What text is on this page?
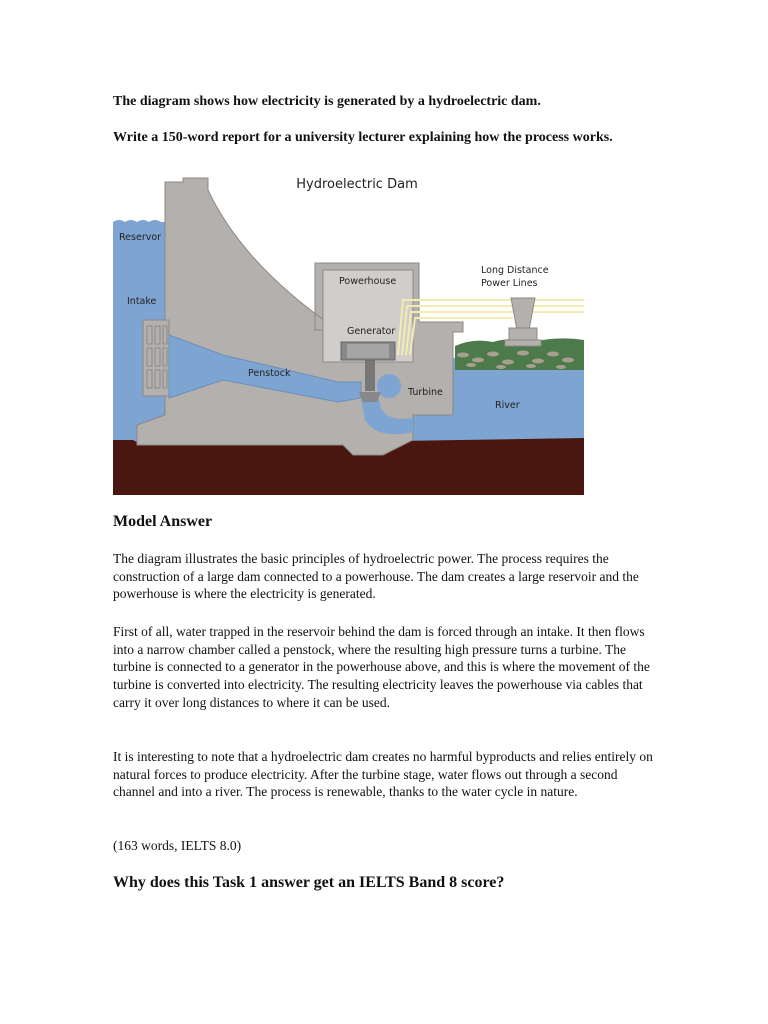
The diagram shows how electricity is generated by a hydroelectric dam.
Write a 150-word report for a university lecturer explaining how the process works.
Hydroelectric Dam
Reservor
Intake
Powerhouse
Generator
Penstock
Turbine
River
Long Distance
Power Lines
Model Answer

The diagram illustrates the basic principles of hydroelectric power. The process requires the construction of a large dam connected to a powerhouse. The dam creates a large reservoir and the powerhouse is where the electricity is generated.

First of all, water trapped in the reservoir behind the dam is forced through an intake. It then flows into a narrow chamber called a penstock, where the resulting high pressure turns a turbine. The turbine is connected to a generator in the powerhouse above, and this is where the movement of the turbine is converted into electricity. The resulting electricity leaves the powerhouse via cables that carry it over long distances to where it can be used.

It is interesting to note that a hydroelectric dam creates no harmful byproducts and relies entirely on natural forces to produce electricity. After the turbine stage, water flows out through a second channel and into a river. The process is renewable, thanks to the water cycle in nature.

(163 words, IELTS 8.0)

Why does this Task 1 answer get an IELTS Band 8 score?
